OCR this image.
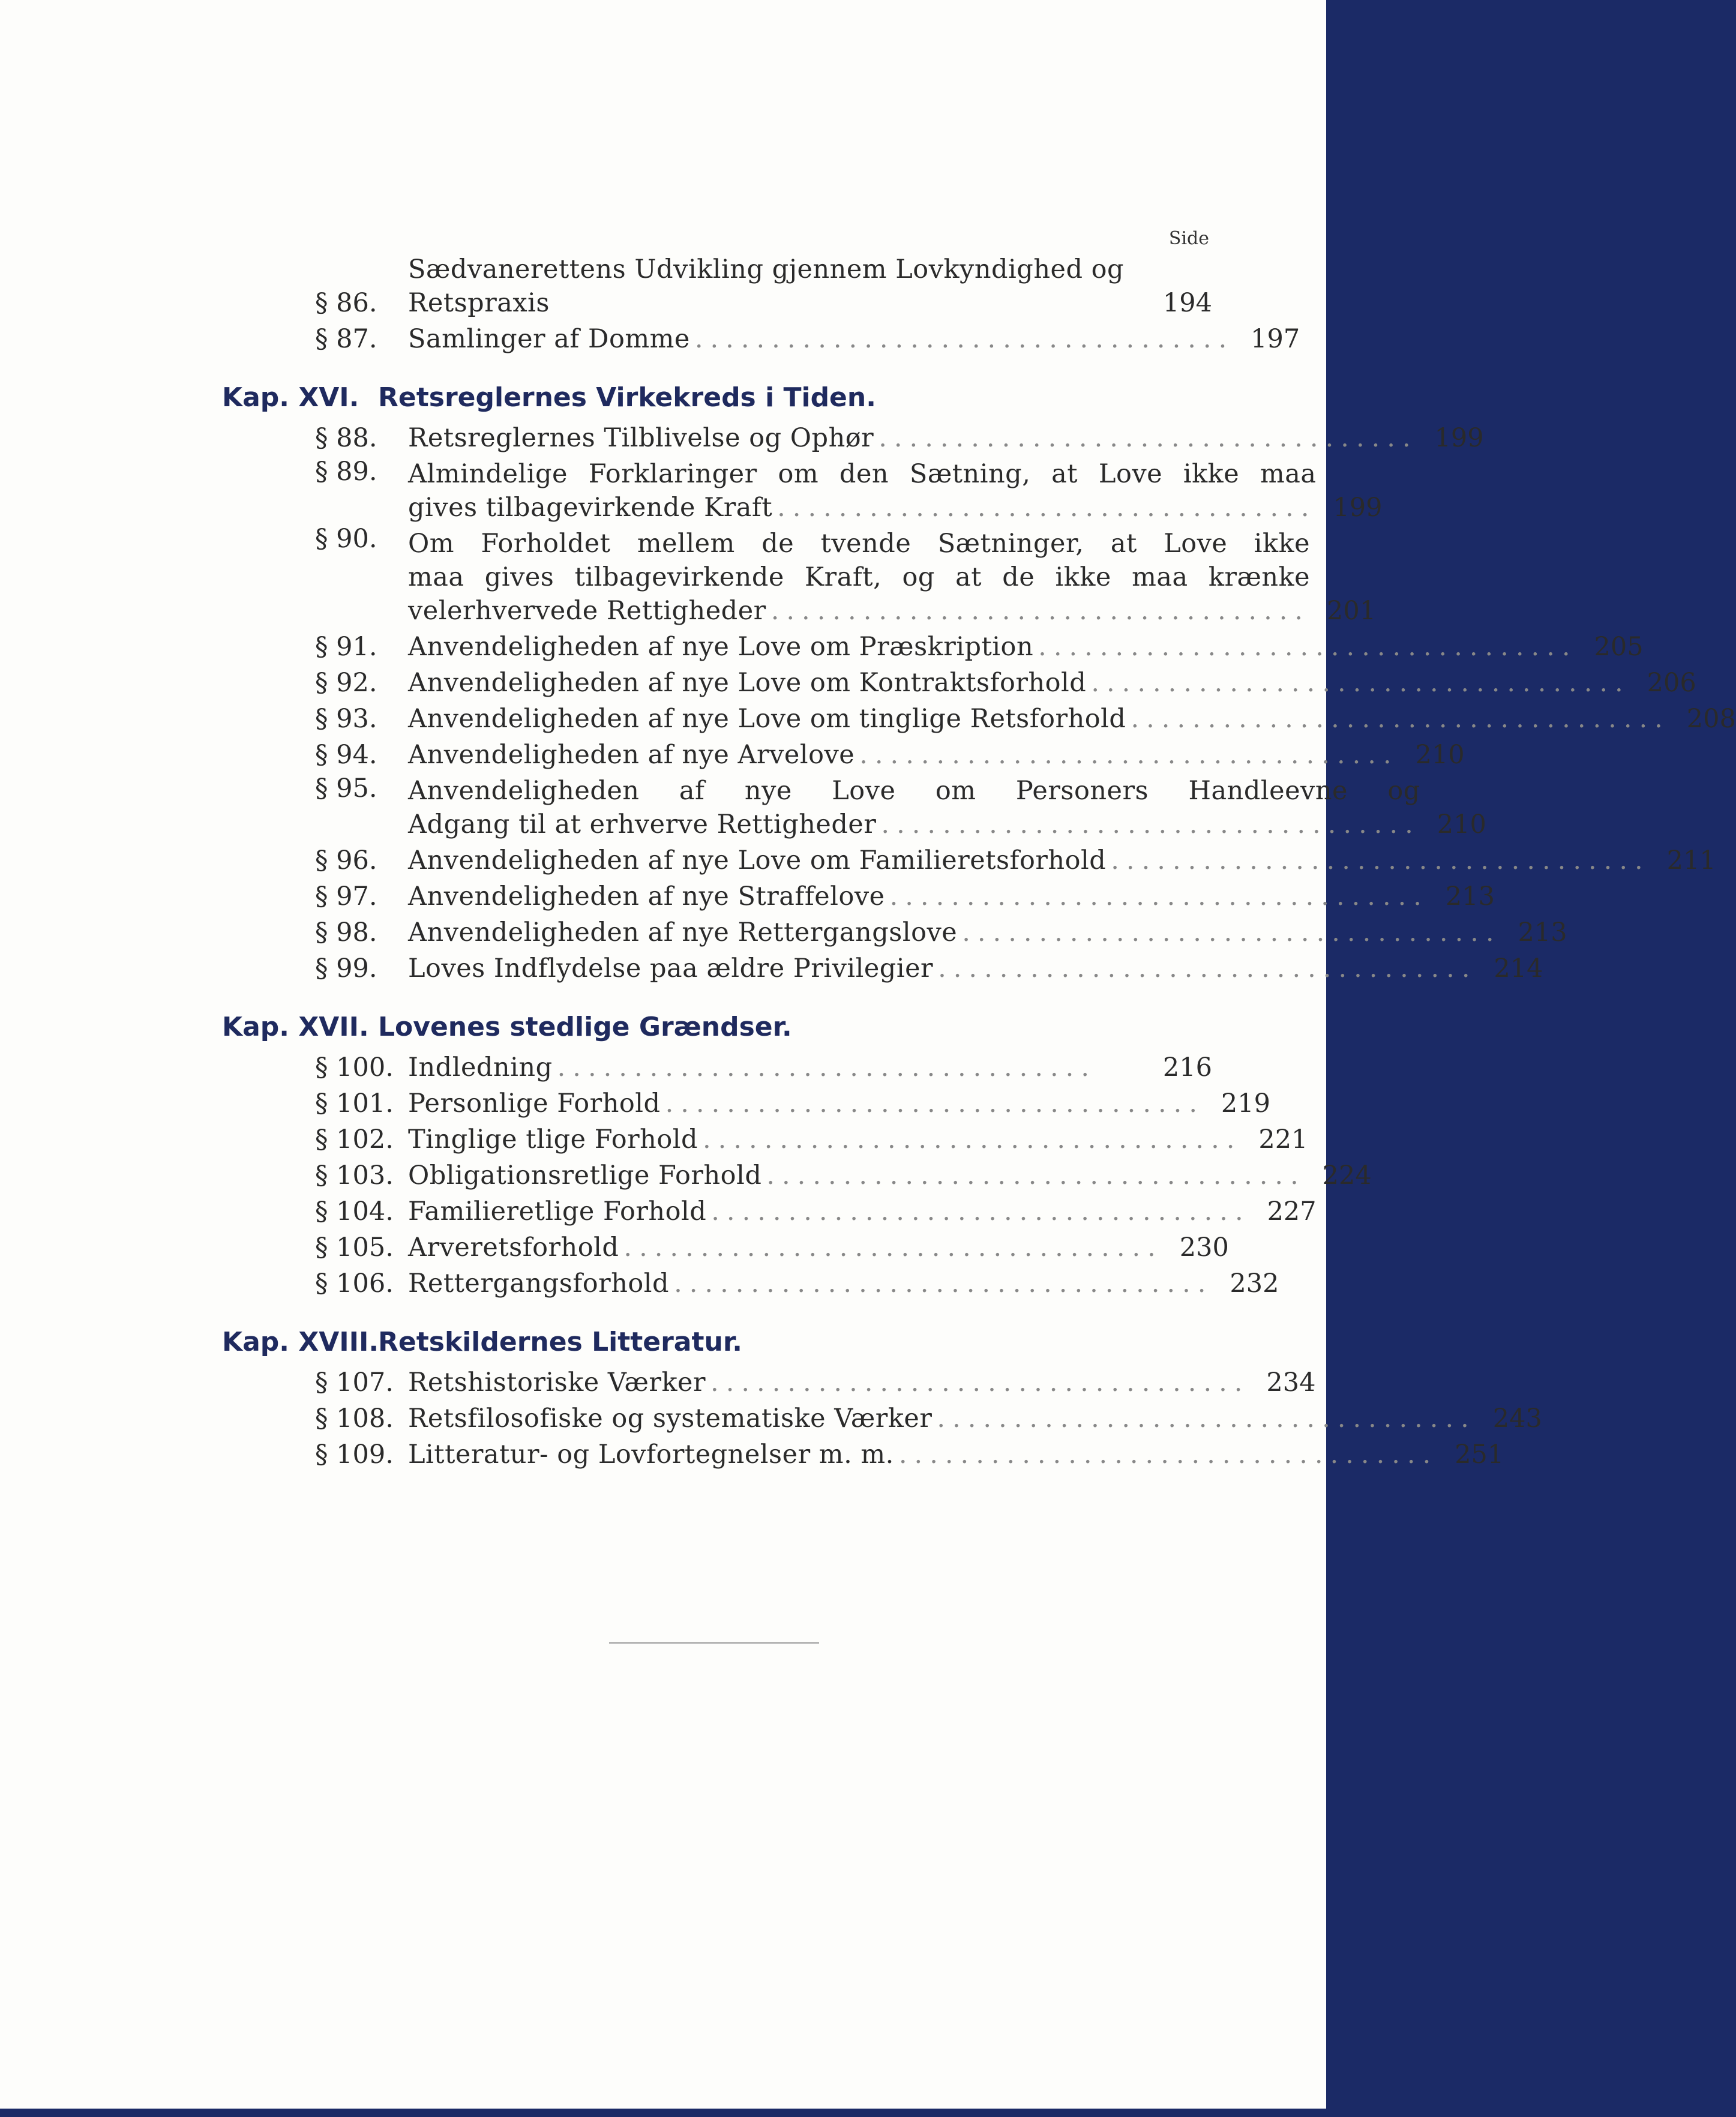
Side
§ 86.
Sædvanerettens Udvikling gjennem Lovkyndighed og Retspraxis	194
§ 87. Samlinger af Domme ................................... 197
Kap. XVI. Retsreglernes Virkekreds i Tiden.
§ 88. Retsreglernes Tilblivelse og Ophør ................................... 199
§ 89. Almindelige Forklaringer om den Sætning, at Love ikke maa
gives tilbagevirkende Kraft ................................... 199
§ 90. Om Forholdet mellem de tvende Sætninger, at Love ikke
maa gives tilbagevirkende Kraft, og at de ikke maa krænke
velerhvervede Rettigheder ................................... 201
§ 91. Anvendeligheden af nye Love om Præskription ................................... 205
§ 92. Anvendeligheden af nye Love om Kontraktsforhold ................................... 206
§ 93. Anvendeligheden af nye Love om tinglige Retsforhold ................................... 208
§ 94. Anvendeligheden af nye Arvelove ................................... 210
§ 95. Anvendeligheden af nye Love om Personers Handleevne og
Adgang til at erhverve Rettigheder ................................... 210
§ 96. Anvendeligheden af nye Love om Familieretsforhold ................................... 211
§ 97. Anvendeligheden af nye Straffelove ................................... 213
§ 98. Anvendeligheden af nye Rettergangslove ................................... 213
§ 99. Loves Indflydelse paa ældre Privilegier ................................... 214
Kap. XVII. Lovenes stedlige Grændser.
§ 100. Indledning ...................................	216
§ 101. Personlige Forhold ................................... 219
§ 102. Tinglige tlige Forhold ................................... 221
§ 103. Obligationsretlige Forhold ................................... 224
§ 104. Familieretlige Forhold ................................... 227
§ 105. Arveretsforhold ................................... 230
§ 106. Rettergangsforhold ................................... 232
Kap. XVIII.Retskildernes Litteratur.
§ 107. Retshistoriske Værker ................................... 234
§ 108. Retsfilosofiske og systematiske Værker ................................... 243
§ 109. Litteratur- og Lovfortegnelser m. m. ................................... 251
